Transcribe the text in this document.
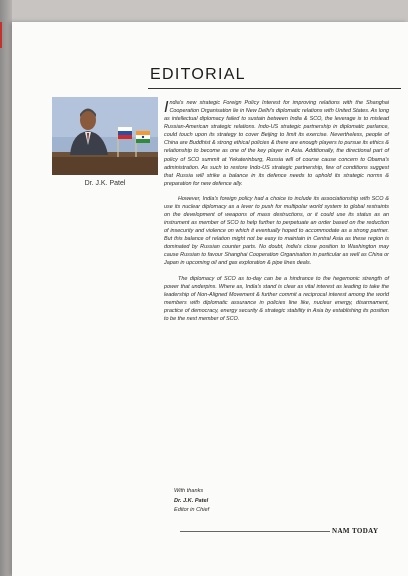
EDITORIAL
Dr. J.K. Patel

India's new strategic Foreign Policy Interest for improving relations with the Shanghai Cooperation Organisation lie in New Delhi's diplomatic relations with United States. As long as intellectual diplomacy failed to sustain between India & SCO, the leverage is to mislead Russian-American strategic relations. Indo-US strategic partnership in diplomatic parlance, could touch upon its strategy to cover Beijing to limit its exercise. Nevertheless, people of China are Buddhist & strong ethical policies & there are enough players to pursue its ethics & relationship to become as one of the key player in Asia. Additionally, the directional part of policy of SCO summit at Yekaterinburg, Russia will of course cause concern to Obama's administration. As such to restore Indo-US strategic partnership, few of conditions suggest that Russia will strike a balance in its defence needs to uphold its strategic norms & preparation for new defence ally.

However, India's foreign policy had a choice to include its associationship with SCO & use its nuclear diplomacy as a lever to push for multipolar world system to global restraints on the development of weapons of mass destructions, or it could use its status as an instrument as member of SCO to help further to perpetuate an order based on the reduction of insecurity and violence on which it eventually hoped to accommodate as a strong partner. But this balance of relation might not be easy to maintain in Central Asia as these region is dominated by Russian counter parts. No doubt, India's close position to Washington may cause Russian to favour Shanghai Cooperation Organisation in particular as well as China or Japan in upcoming oil and gas exploration & pipe lines deals.

The diplomacy of SCO as to-day can be a hindrance to the hegemonic strength of power that underpins. Where as, India's stand is clear as vital interest as leading to take the leadership of Non-Aligned Movement & further commit a reciprocal interest among the world members with diplomatic assurance in policies line like, nuclear energy, disarmament, practice of democracy, energy security & strategic stability in Asia by establishing its position to be the next member of SCO.

With thanks
Dr. J.K. Patel
Editor in Chief
NAM TODAY
